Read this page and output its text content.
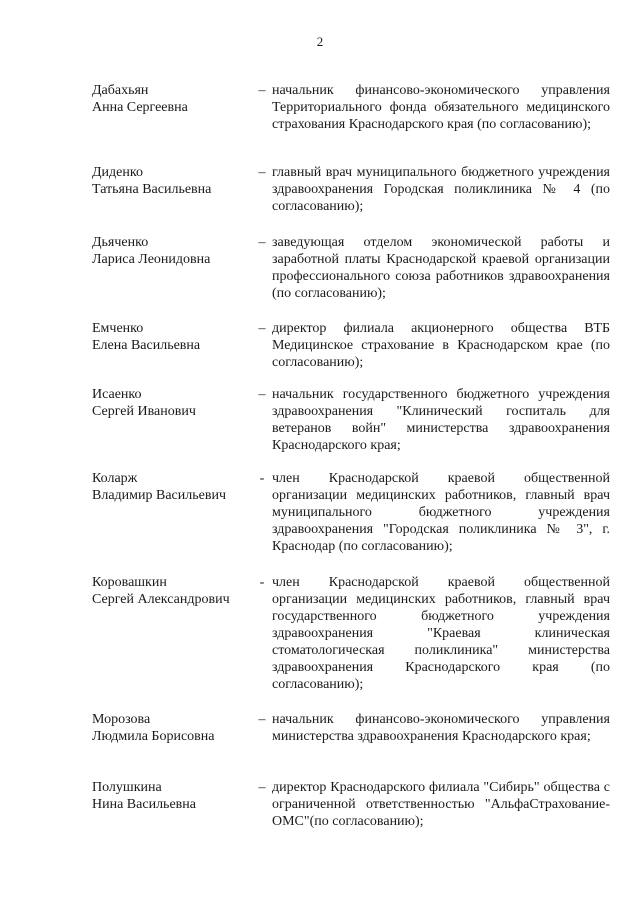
2
Дабахьян
Анна Сергеевна
– начальник финансово-экономического управления Территориального фонда обязательного медицинского страхования Краснодарского края (по согласованию);
Диденко
Татьяна Васильевна
– главный врач муниципального бюджетного учреждения здравоохранения Городская поликлиника № 4 (по согласованию);
Дьяченко
Лариса Леонидовна
– заведующая отделом экономической работы и заработной платы Краснодарской краевой организации профессионального союза работников здравоохранения (по согласованию);
Емченко
Елена Васильевна
– директор филиала акционерного общества ВТБ Медицинское страхование в Краснодарском крае (по согласованию);
Исаенко
Сергей Иванович
– начальник государственного бюджетного учреждения здравоохранения "Клинический госпиталь для ветеранов войн" министерства здравоохранения Краснодарского края;
Коларж
Владимир Васильевич
- член Краснодарской краевой общественной организации медицинских работников, главный врач муниципального бюджетного учреждения здравоохранения "Городская поликлиника № 3", г. Краснодар (по согласованию);
Коровашкин
Сергей Александрович
- член Краснодарской краевой общественной организации медицинских работников, главный врач государственного бюджетного учреждения здравоохранения "Краевая клиническая стоматологическая поликлиника" министерства здравоохранения Краснодарского края (по согласованию);
Морозова
Людмила Борисовна
– начальник финансово-экономического управления министерства здравоохранения Краснодарского края;
Полушкина
Нина Васильевна
– директор Краснодарского филиала "Сибирь" общества с ограниченной ответственностью "АльфаСтрахование-ОМС"(по согласованию);
